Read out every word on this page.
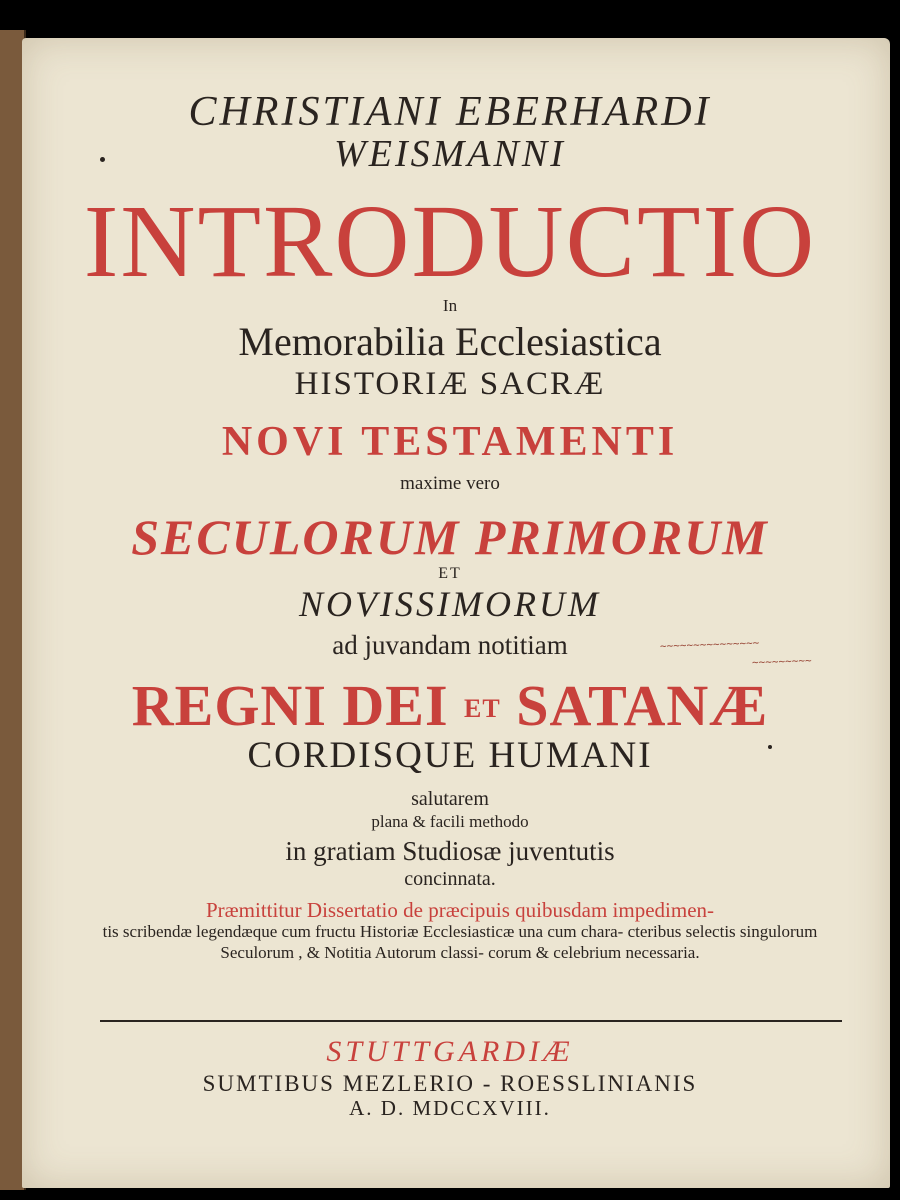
CHRISTIANI EBERHARDI
WEISMANNI
INTRODUCTIO
In
Memorabilia Ecclesiastica
HISTORIÆ SACRÆ
NOVI TESTAMENTI
maxime vero
SECULORUM PRIMORUM
ET
NOVISSIMORUM
ad juvandam notitiam	~~~~~~~~~~~~~~~
~~~~~~~~~
REGNI DEI ET SATANÆ
CORDISQUE HUMANI
salutarem
plana & facili methodo
in gratiam Studiosæ juventutis
concinnata.
Præmittitur Dissertatio de præcipuis quibusdam impedimen-
tis scribendæ legendæque cum fructu Historiæ Ecclesiasticæ una cum chara- cteribus selectis singulorum Seculorum , & Notitia Autorum classi- corum & celebrium necessaria.
STUTTGARDIÆ
SUMTIBUS MEZLERIO - ROESSLINIANIS
A. D. MDCCXVIII.
